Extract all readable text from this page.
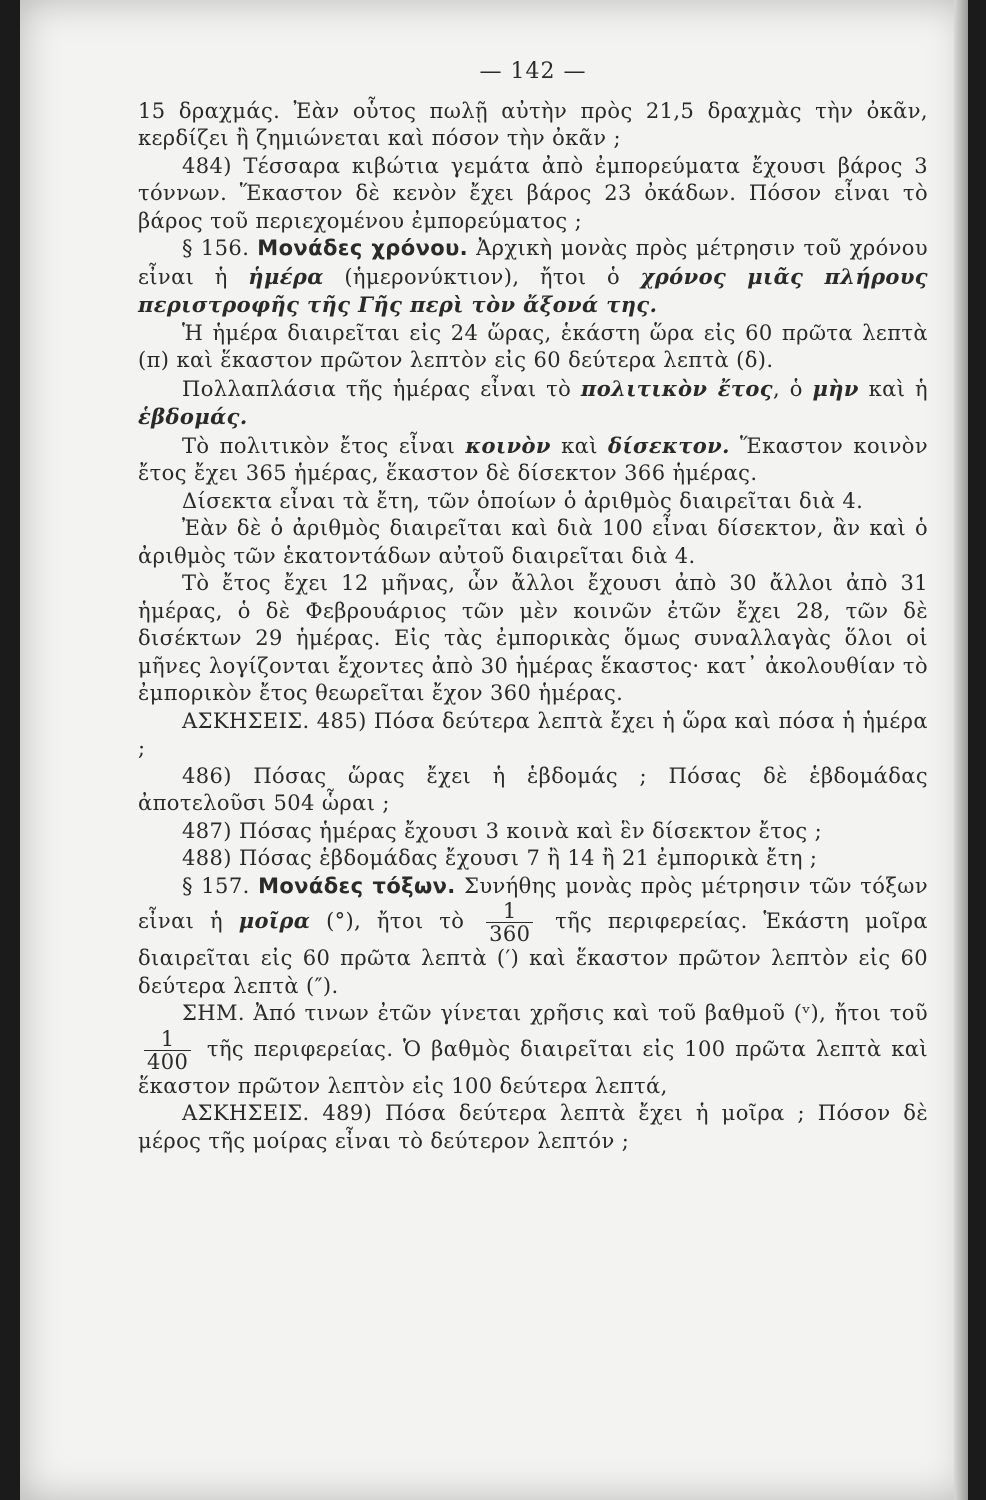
— 142 —

15 δραχμάς. Ἐὰν οὗτος πωλῇ αὐτὴν πρὸς 21,5 δραχμὰς τὴν ὀκᾶν, κερδίζει ἢ ζημιώνεται καὶ πόσον τὴν ὀκᾶν ;

484) Τέσσαρα κιβώτια γεμάτα ἀπὸ ἐμπορεύματα ἔχουσι βάρος 3 τόννων. Ἕκαστον δὲ κενὸν ἔχει βάρος 23 ὀκάδων. Πόσον εἶναι τὸ βάρος τοῦ περιεχομένου ἐμπορεύματος ;

§ 156. Μονάδες χρόνου. Ἀρχικὴ μονὰς πρὸς μέτρησιν τοῦ χρόνου εἶναι ἡ ἡμέρα (ἡμερονύκτιον), ἤτοι ὁ χρόνος μιᾶς πλήρους περιστροφῆς τῆς Γῆς περὶ τὸν ἄξονά της.

Ἡ ἡμέρα διαιρεῖται εἰς 24 ὥρας, ἑκάστη ὥρα εἰς 60 πρῶτα λεπτὰ (π) καὶ ἕκαστον πρῶτον λεπτὸν εἰς 60 δεύτερα λεπτὰ (δ).

Πολλαπλάσια τῆς ἡμέρας εἶναι τὸ πολιτικὸν ἔτος, ὁ μὴν καὶ ἡ ἑβδομάς.

Τὸ πολιτικὸν ἔτος εἶναι κοινὸν καὶ δίσεκτον. Ἕκαστον κοινὸν ἔτος ἔχει 365 ἡμέρας, ἕκαστον δὲ δίσεκτον 366 ἡμέρας.

Δίσεκτα εἶναι τὰ ἔτη, τῶν ὁποίων ὁ ἀριθμὸς διαιρεῖται διὰ 4.

Ἐὰν δὲ ὁ ἀριθμὸς διαιρεῖται καὶ διὰ 100 εἶναι δίσεκτον, ἂν καὶ ὁ ἀριθμὸς τῶν ἑκατοντάδων αὐτοῦ διαιρεῖται διὰ 4.

Τὸ ἔτος ἔχει 12 μῆνας, ὧν ἄλλοι ἔχουσι ἀπὸ 30 ἄλλοι ἀπὸ 31 ἡμέρας, ὁ δὲ Φεβρουάριος τῶν μὲν κοινῶν ἐτῶν ἔχει 28, τῶν δὲ δισέκτων 29 ἡμέρας. Εἰς τὰς ἐμπορικὰς ὅμως συναλλαγὰς ὅλοι οἱ μῆνες λογίζονται ἔχοντες ἀπὸ 30 ἡμέρας ἕκαστος· κατ᾽ ἀκολουθίαν τὸ ἐμπορικὸν ἔτος θεωρεῖται ἔχον 360 ἡμέρας.

ΑΣΚΗΣΕΙΣ. 485) Πόσα δεύτερα λεπτὰ ἔχει ἡ ὥρα καὶ πόσα ἡ ἡμέρα ;

486) Πόσας ὥρας ἔχει ἡ ἑβδομάς ; Πόσας δὲ ἑβδομάδας ἀποτελοῦσι 504 ὧραι ;

487) Πόσας ἡμέρας ἔχουσι 3 κοινὰ καὶ ἓν δίσεκτον ἔτος ;

488) Πόσας ἑβδομάδας ἔχουσι 7 ἢ 14 ἢ 21 ἐμπορικὰ ἔτη ;

§ 157. Μονάδες τόξων. Συνήθης μονὰς πρὸς μέτρησιν τῶν τόξων εἶναι ἡ μοῖρα (°), ἤτοι τὸ $\frac{1}{360}$ τῆς περιφερείας. Ἑκάστη μοῖρα διαιρεῖται εἰς 60 πρῶτα λεπτὰ (′) καὶ ἕκαστον πρῶτον λεπτὸν εἰς 60 δεύτερα λεπτὰ (″).

ΣΗΜ. Ἀπό τινων ἐτῶν γίνεται χρῆσις καὶ τοῦ βαθμοῦ (ᵛ), ἤτοι τοῦ
$\frac{1}{400}$ τῆς περιφερείας. Ὁ βαθμὸς διαιρεῖται εἰς 100 πρῶτα λεπτὰ καὶ ἕκαστον πρῶτον λεπτὸν εἰς 100 δεύτερα λεπτά,

ΑΣΚΗΣΕΙΣ. 489) Πόσα δεύτερα λεπτὰ ἔχει ἡ μοῖρα ; Πόσον δὲ μέρος τῆς μοίρας εἶναι τὸ δεύτερον λεπτόν ;
